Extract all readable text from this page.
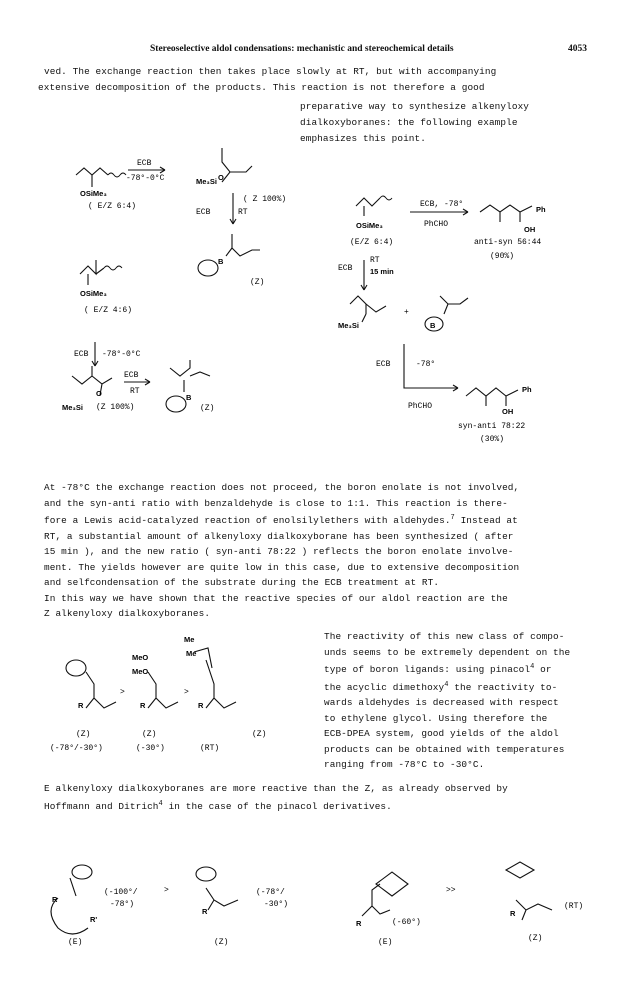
Stereoselective aldol condensations: mechanistic and stereochemical details	4053
ved. The exchange reaction then takes place slowly at RT, but with accompanying
extensive decomposition of the products. This reaction is not therefore a good
preparative way to synthesize alkenyloxy
dialkoxyboranes: the following example
emphasizes this point.
ECB
-78°-0°C
OSiMe₃
( E/Z 6:4)
Me₃Si O
( Z 100%)
ECB	RT
B
(Z)
OSiMe₃
( E/Z 4:6)
ECB -78°-0°C
ECB
RT
Me₃Si
O
(Z 100%)
B
(Z)
ECB, -78°
PhCHO
Ph
OH
OSiMe₃
(E/Z 6:4)	anti-syn 56:44
(90%)
ECB
RT
15 min
Me₃Si
+
B
ECB	-78°
PhCHO
Ph
OH
syn-anti 78:22
(30%)
R
>
MeO
MeO
R
>
Me
Me
R
(Z)	(Z)	(Z)
(-78°/-30°)	(-30°)	(RT)
R
R'
(-100°/
-78°)
>
R
(-78°/
-30°)
R	(-60°)
>>
R
(RT)
(E)	(Z)	(E)	(Z)
At -78°C the exchange reaction does not proceed, the boron enolate is not involved,
and the syn-anti ratio with benzaldehyde is close to 1:1. This reaction is there-
fore a Lewis acid-catalyzed reaction of enolsilylethers with aldehydes.$^7$ Instead at
RT, a substantial amount of alkenyloxy dialkoxyborane has been synthesized ( after
15 min ), and the new ratio ( syn-anti 78:22 ) reflects the boron enolate involve-
ment. The yields however are quite low in this case, due to extensive decomposition
and selfcondensation of the substrate during the ECB treatment at RT.
In this way we have shown that the reactive species of our aldol reaction are the
Z alkenyloxy dialkoxyboranes.
The reactivity of this new class of compo-
unds seems to be extremely dependent on the
type of boron ligands: using pinacol$^4$ or
the acyclic dimethoxy$^4$ the reactivity to-
wards aldehydes is decreased with respect
to ethylene glycol. Using therefore the
ECB-DPEA system, good yields of the aldol
products can be obtained with temperatures
ranging from -78°C to -30°C.
E alkenyloxy dialkoxyboranes are more reactive than the Z, as already observed by
Hoffmann and Ditrich$^4$ in the case of the pinacol derivatives.
